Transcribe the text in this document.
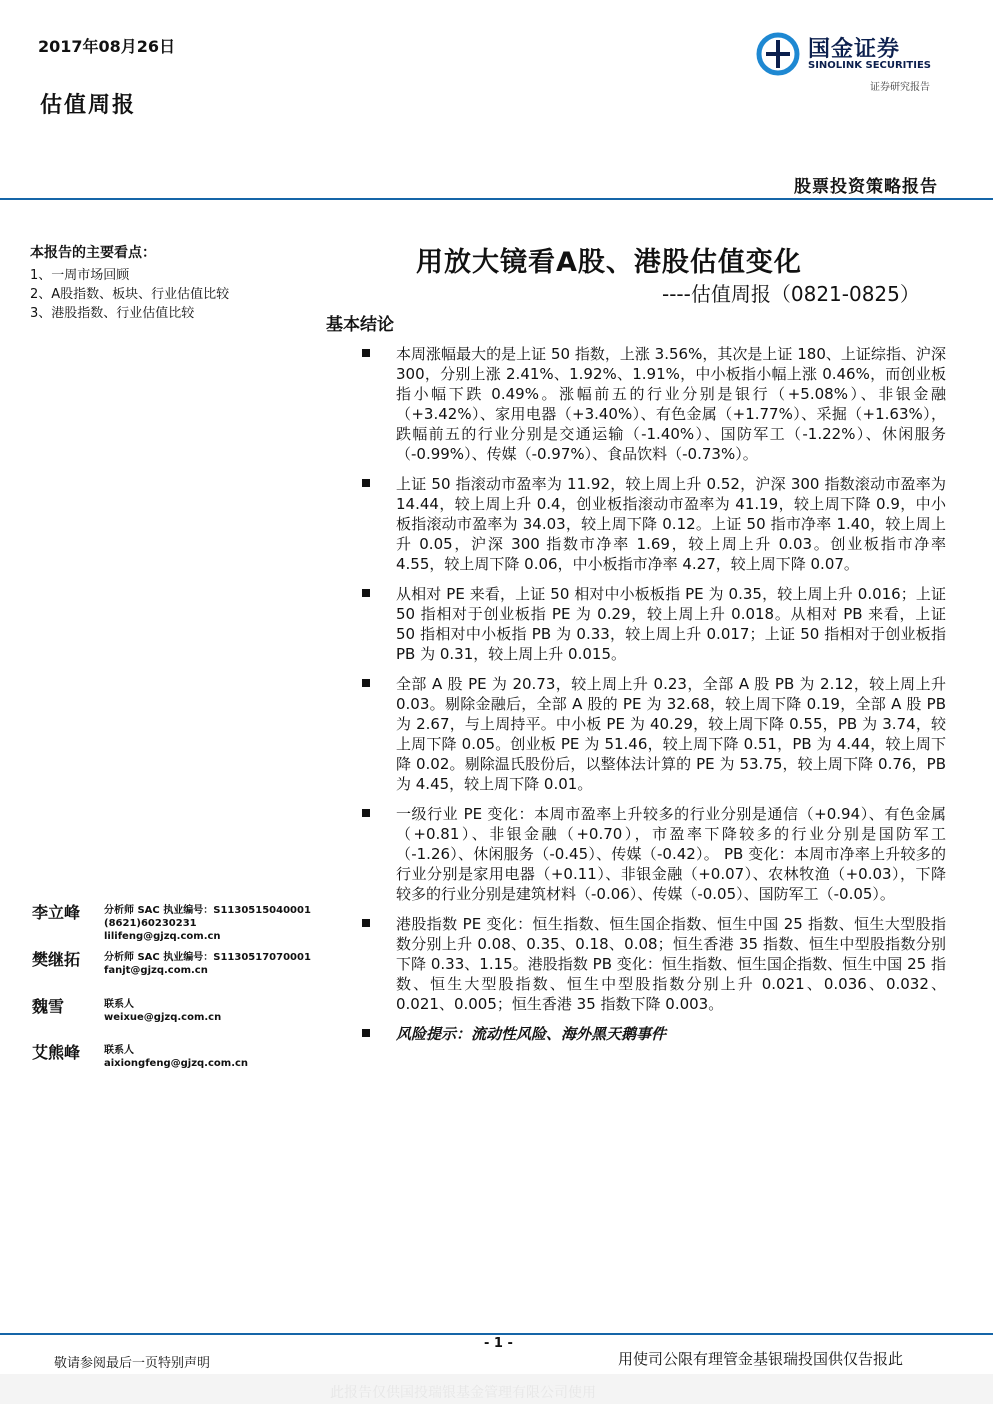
2017年08月26日
估值周报
国金证券
SINOLINK SECURITIES
证券研究报告
股票投资策略报告
本报告的主要看点：
1、一周市场回顾
2、A股指数、板块、行业估值比较
3、港股指数、行业估值比较
用放大镜看A股、港股估值变化
----估值周报（0821-0825）
基本结论
本周涨幅最大的是上证 50 指数，上涨 3.56%，其次是上证 180、上证综指、沪深 300，分别上涨 2.41%、1.92%、1.91%，中小板指小幅上涨 0.46%，而创业板指小幅下跌 0.49%。涨幅前五的行业分别是银行（+5.08%）、非银金融（+3.42%）、家用电器（+3.40%）、有色金属（+1.77%）、采掘（+1.63%），跌幅前五的行业分别是交通运输（-1.40%）、国防军工（-1.22%）、休闲服务（-0.99%）、传媒（-0.97%）、食品饮料（-0.73%）。
上证 50 指滚动市盈率为 11.92，较上周上升 0.52，沪深 300 指数滚动市盈率为 14.44，较上周上升 0.4，创业板指滚动市盈率为 41.19，较上周下降 0.9，中小板指滚动市盈率为 34.03，较上周下降 0.12。上证 50 指市净率 1.40，较上周上升 0.05，沪深 300 指数市净率 1.69，较上周上升 0.03。创业板指市净率 4.55，较上周下降 0.06，中小板指市净率 4.27，较上周下降 0.07。
从相对 PE 来看，上证 50 相对中小板板指 PE 为 0.35，较上周上升 0.016；上证 50 指相对于创业板指 PE 为 0.29，较上周上升 0.018。从相对 PB 来看，上证 50 指相对中小板指 PB 为 0.33，较上周上升 0.017；上证 50 指相对于创业板指 PB 为 0.31，较上周上升 0.015。
全部 A 股 PE 为 20.73，较上周上升 0.23，全部 A 股 PB 为 2.12，较上周上升 0.03。剔除金融后，全部 A 股的 PE 为 32.68，较上周下降 0.19，全部 A 股 PB 为 2.67，与上周持平。中小板 PE 为 40.29，较上周下降 0.55，PB 为 3.74，较上周下降 0.05。创业板 PE 为 51.46，较上周下降 0.51，PB 为 4.44，较上周下降 0.02。剔除温氏股份后，以整体法计算的 PE 为 53.75，较上周下降 0.76，PB 为 4.45，较上周下降 0.01。
一级行业 PE 变化：本周市盈率上升较多的行业分别是通信（+0.94）、有色金属（+0.81）、非银金融（+0.70），市盈率下降较多的行业分别是国防军工（-1.26）、休闲服务（-0.45）、传媒（-0.42）。 PB 变化：本周市净率上升较多的行业分别是家用电器（+0.11）、非银金融（+0.07）、农林牧渔（+0.03），下降较多的行业分别是建筑材料（-0.06）、传媒（-0.05）、国防军工（-0.05）。
港股指数 PE 变化：恒生指数、恒生国企指数、恒生中国 25 指数、恒生大型股指数分别上升 0.08、0.35、0.18、0.08；恒生香港 35 指数、恒生中型股指数分别下降 0.33、1.15。港股指数 PB 变化：恒生指数、恒生国企指数、恒生中国 25 指数、恒生大型股指数、恒生中型股指数分别上升 0.021、0.036、0.032、0.021、0.005；恒生香港 35 指数下降 0.003。
风险提示：流动性风险、海外黑天鹅事件
李立峰 分析师 SAC 执业编号：S1130515040001
(8621)60230231
lilifeng@gjzq.com.cn
樊继拓 分析师 SAC 执业编号：S1130517070001
fanjt@gjzq.com.cn
魏雪	联系人
weixue@gjzq.com.cn
艾熊峰 联系人
aixiongfeng@gjzq.com.cn
- 1 -
敬请参阅最后一页特别声明	用使司公限有理管金基银瑞投国供仅告报此
此报告仅供国投瑞银基金管理有限公司使用
